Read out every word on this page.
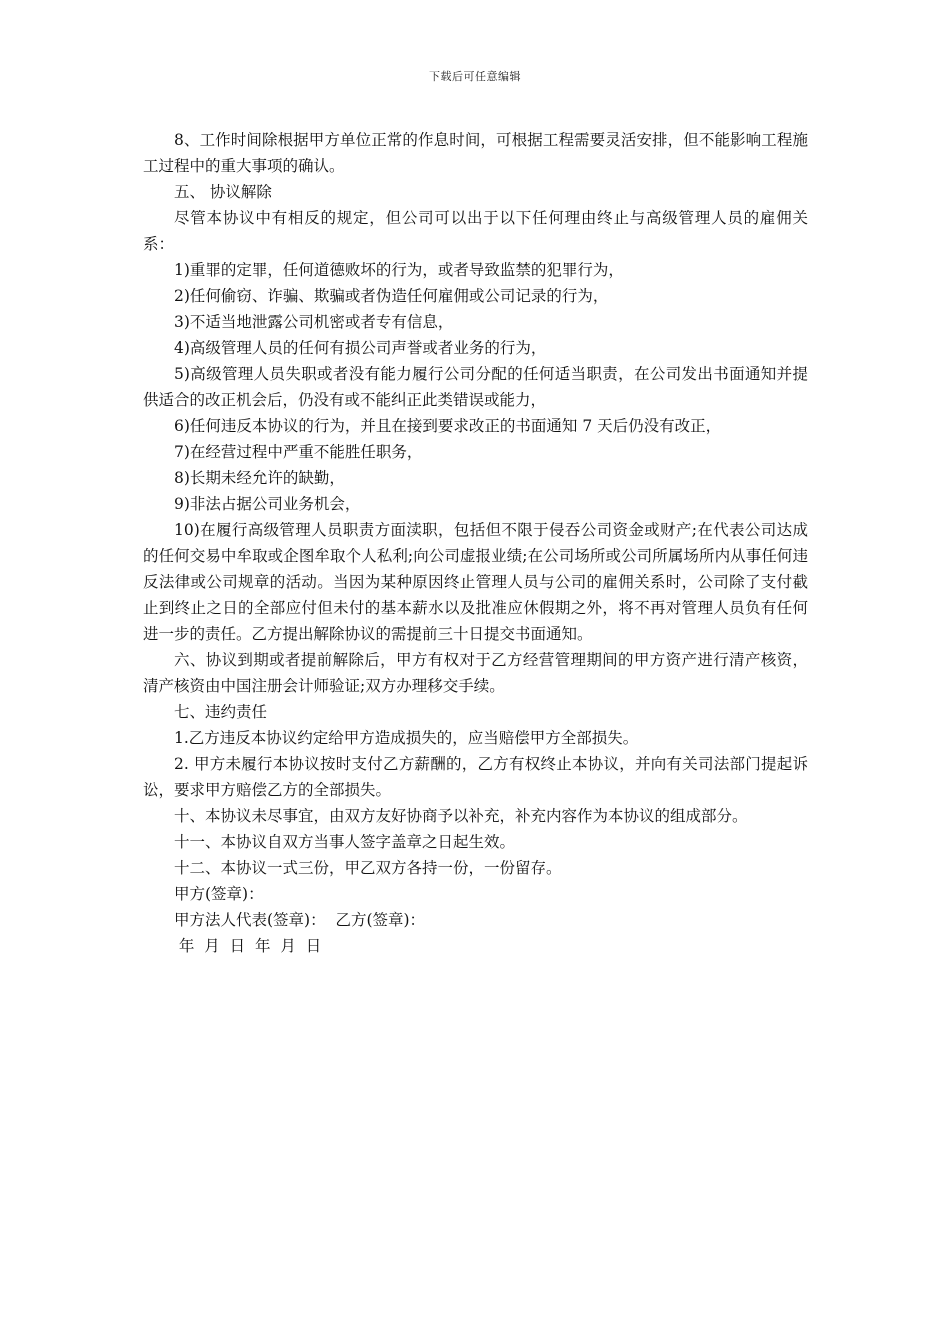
下载后可任意编辑

8、工作时间除根据甲方单位正常的作息时间，可根据工程需要灵活安排，但不能影响工程施工过程中的重大事项的确认。

五、 协议解除

尽管本协议中有相反的规定，但公司可以出于以下任何理由终止与高级管理人员的雇佣关系：

1)重罪的定罪，任何道德败坏的行为，或者导致监禁的犯罪行为，

2)任何偷窃、诈骗、欺骗或者伪造任何雇佣或公司记录的行为，

3)不适当地泄露公司机密或者专有信息，

4)高级管理人员的任何有损公司声誉或者业务的行为，

5)高级管理人员失职或者没有能力履行公司分配的任何适当职责，在公司发出书面通知并提供适合的改正机会后，仍没有或不能纠正此类错误或能力，

6)任何违反本协议的行为，并且在接到要求改正的书面通知 7 天后仍没有改正，

7)在经营过程中严重不能胜任职务，

8)长期未经允许的缺勤，

9)非法占据公司业务机会，

10)在履行高级管理人员职责方面渎职，包括但不限于侵吞公司资金或财产;在代表公司达成的任何交易中牟取或企图牟取个人私利;向公司虚报业绩;在公司场所或公司所属场所内从事任何违反法律或公司规章的活动。当因为某种原因终止管理人员与公司的雇佣关系时，公司除了支付截止到终止之日的全部应付但未付的基本薪水以及批准应休假期之外，将不再对管理人员负有任何进一步的责任。乙方提出解除协议的需提前三十日提交书面通知。

六、协议到期或者提前解除后，甲方有权对于乙方经营管理期间的甲方资产进行清产核资，清产核资由中国注册会计师验证;双方办理移交手续。

七、违约责任

1.乙方违反本协议约定给甲方造成损失的，应当赔偿甲方全部损失。

2. 甲方未履行本协议按时支付乙方薪酬的，乙方有权终止本协议，并向有关司法部门提起诉讼，要求甲方赔偿乙方的全部损失。

十、本协议未尽事宜，由双方友好协商予以补充，补充内容作为本协议的组成部分。

十一、本协议自双方当事人签字盖章之日起生效。

十二、本协议一式三份，甲乙双方各持一份，一份留存。

甲方(签章)：

甲方法人代表(签章)：  乙方(签章)：

年  月  日  年  月  日
